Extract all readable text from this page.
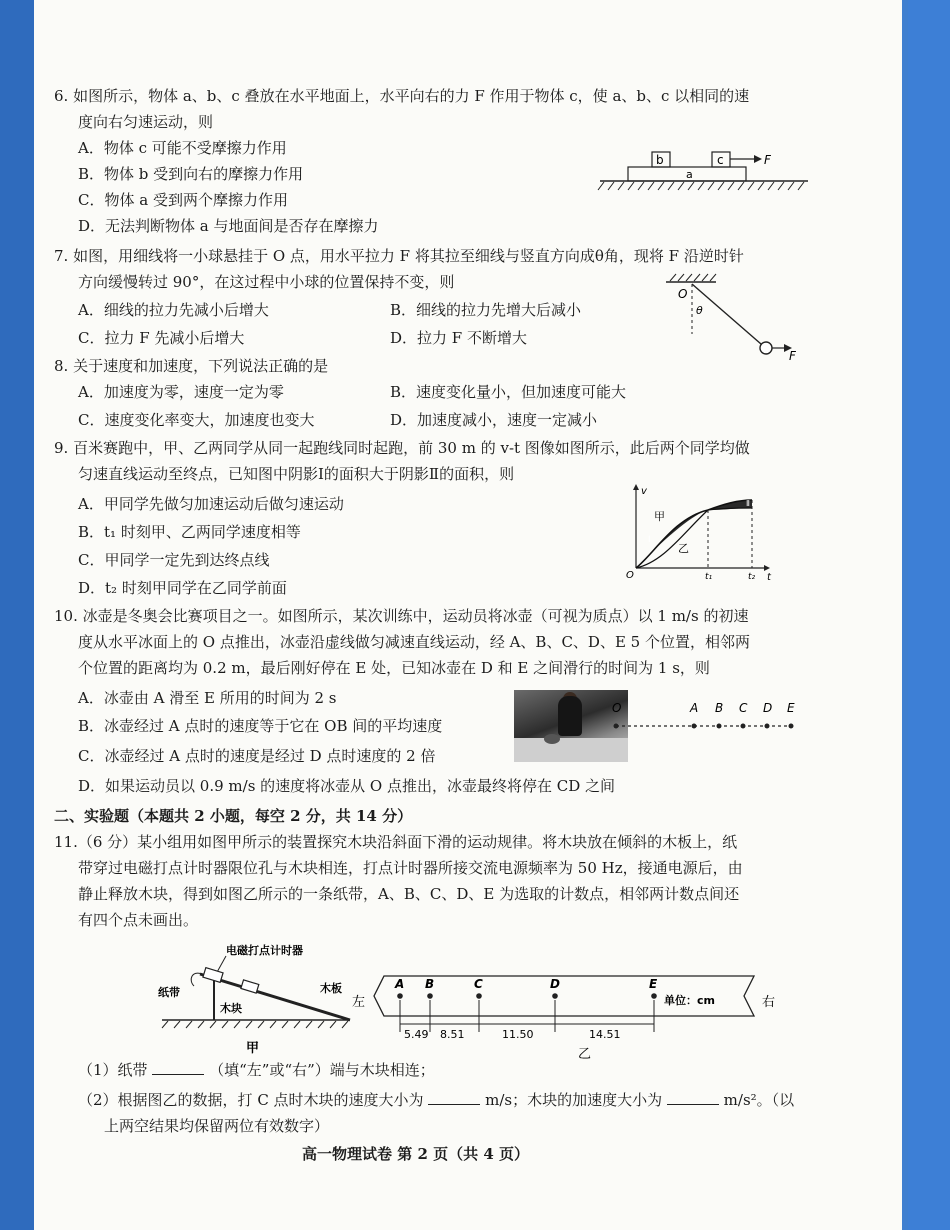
6. 如图所示，物体 a、b、c 叠放在水平地面上，水平向右的力 F 作用于物体 c，使 a、b、c 以相同的速
度向右匀速运动，则
A．物体 c 可能不受摩擦力作用
B．物体 b 受到向右的摩擦力作用
C．物体 a 受到两个摩擦力作用
D．无法判断物体 a 与地面间是否存在摩擦力
b	c	F
a
7. 如图，用细线将一小球悬挂于 O 点，用水平拉力 F 将其拉至细线与竖直方向成θ角，现将 F 沿逆时针
方向缓慢转过 90°，在这过程中小球的位置保持不变，则
A．细线的拉力先减小后增大	B．细线的拉力先增大后减小
C．拉力 F 先减小后增大	D．拉力 F 不断增大
O
θ
F
8. 关于速度和加速度，下列说法正确的是
A．加速度为零，速度一定为零	B．速度变化量小，但加速度可能大
C．速度变化率变大，加速度也变大	D．加速度减小，速度一定减小
9. 百米赛跑中，甲、乙两同学从同一起跑线同时起跑，前 30 m 的 v-t 图像如图所示，此后两个同学均做
匀速直线运动至终点，已知图中阴影Ⅰ的面积大于阴影Ⅱ的面积，则
A．甲同学先做匀加速运动后做匀速运动
B．t₁ 时刻甲、乙两同学速度相等
C．甲同学一定先到达终点线
D．t₂ 时刻甲同学在乙同学前面
v
t
O
甲
乙
Ⅰ
Ⅱ
t₁	t₂
10. 冰壶是冬奥会比赛项目之一。如图所示，某次训练中，运动员将冰壶（可视为质点）以 1 m/s 的初速
度从水平冰面上的 O 点推出，冰壶沿虚线做匀减速直线运动，经 A、B、C、D、E 5 个位置，相邻两
个位置的距离均为 0.2 m，最后刚好停在 E 处，已知冰壶在 D 和 E 之间滑行的时间为 1 s，则
A．冰壶由 A 滑至 E 所用的时间为 2 s
B．冰壶经过 A 点时的速度等于它在 OB 间的平均速度
C．冰壶经过 A 点时的速度是经过 D 点时速度的 2 倍
D．如果运动员以 0.9 m/s 的速度将冰壶从 O 点推出，冰壶最终将停在 CD 之间
O	A B C D E
二、实验题（本题共 2 小题，每空 2 分，共 14 分）
11.（6 分）某小组用如图甲所示的装置探究木块沿斜面下滑的运动规律。将木块放在倾斜的木板上，纸
带穿过电磁打点计时器限位孔与木块相连，打点计时器所接交流电源频率为 50 Hz，接通电源后，由
静止释放木块，得到如图乙所示的一条纸带，A、B、C、D、E 为选取的计数点，相邻两计数点间还
有四个点未画出。
电磁打点计时器
纸带	木板
木块
甲
左	右
A B	C	D	E
单位：cm
5.49 8.51	11.50	14.51
乙
（1）纸带	（填“左”或“右”）端与木块相连；
（2）根据图乙的数据，打 C 点时木块的速度大小为	m/s；木块的加速度大小为	m/s²。（以
上两空结果均保留两位有效数字）
高一物理试卷 第 2 页（共 4 页）
